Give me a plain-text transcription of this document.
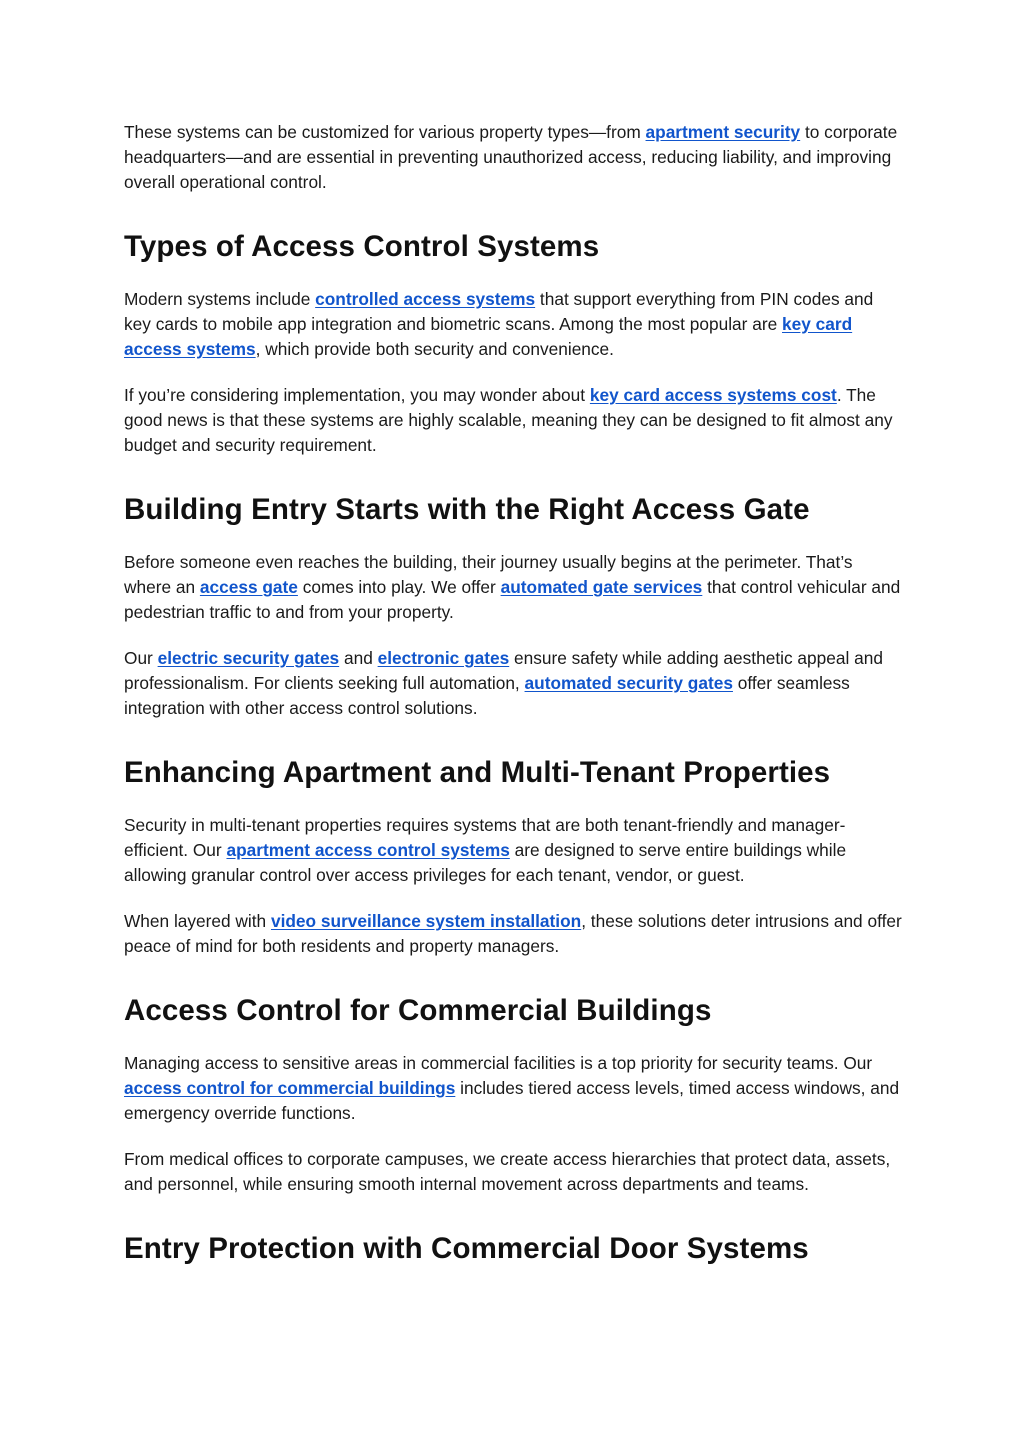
These systems can be customized for various property types—from apartment security to corporate headquarters—and are essential in preventing unauthorized access, reducing liability, and improving overall operational control.

Types of Access Control Systems

Modern systems include controlled access systems that support everything from PIN codes and key cards to mobile app integration and biometric scans. Among the most popular are key card access systems, which provide both security and convenience.

If you’re considering implementation, you may wonder about key card access systems cost. The good news is that these systems are highly scalable, meaning they can be designed to fit almost any budget and security requirement.

Building Entry Starts with the Right Access Gate

Before someone even reaches the building, their journey usually begins at the perimeter. That’s where an access gate comes into play. We offer automated gate services that control vehicular and pedestrian traffic to and from your property.

Our electric security gates and electronic gates ensure safety while adding aesthetic appeal and professionalism. For clients seeking full automation, automated security gates offer seamless integration with other access control solutions.

Enhancing Apartment and Multi-Tenant Properties

Security in multi-tenant properties requires systems that are both tenant-friendly and manager-efficient. Our apartment access control systems are designed to serve entire buildings while allowing granular control over access privileges for each tenant, vendor, or guest.

When layered with video surveillance system installation, these solutions deter intrusions and offer peace of mind for both residents and property managers.

Access Control for Commercial Buildings

Managing access to sensitive areas in commercial facilities is a top priority for security teams. Our access control for commercial buildings includes tiered access levels, timed access windows, and emergency override functions.

From medical offices to corporate campuses, we create access hierarchies that protect data, assets, and personnel, while ensuring smooth internal movement across departments and teams.

Entry Protection with Commercial Door Systems
